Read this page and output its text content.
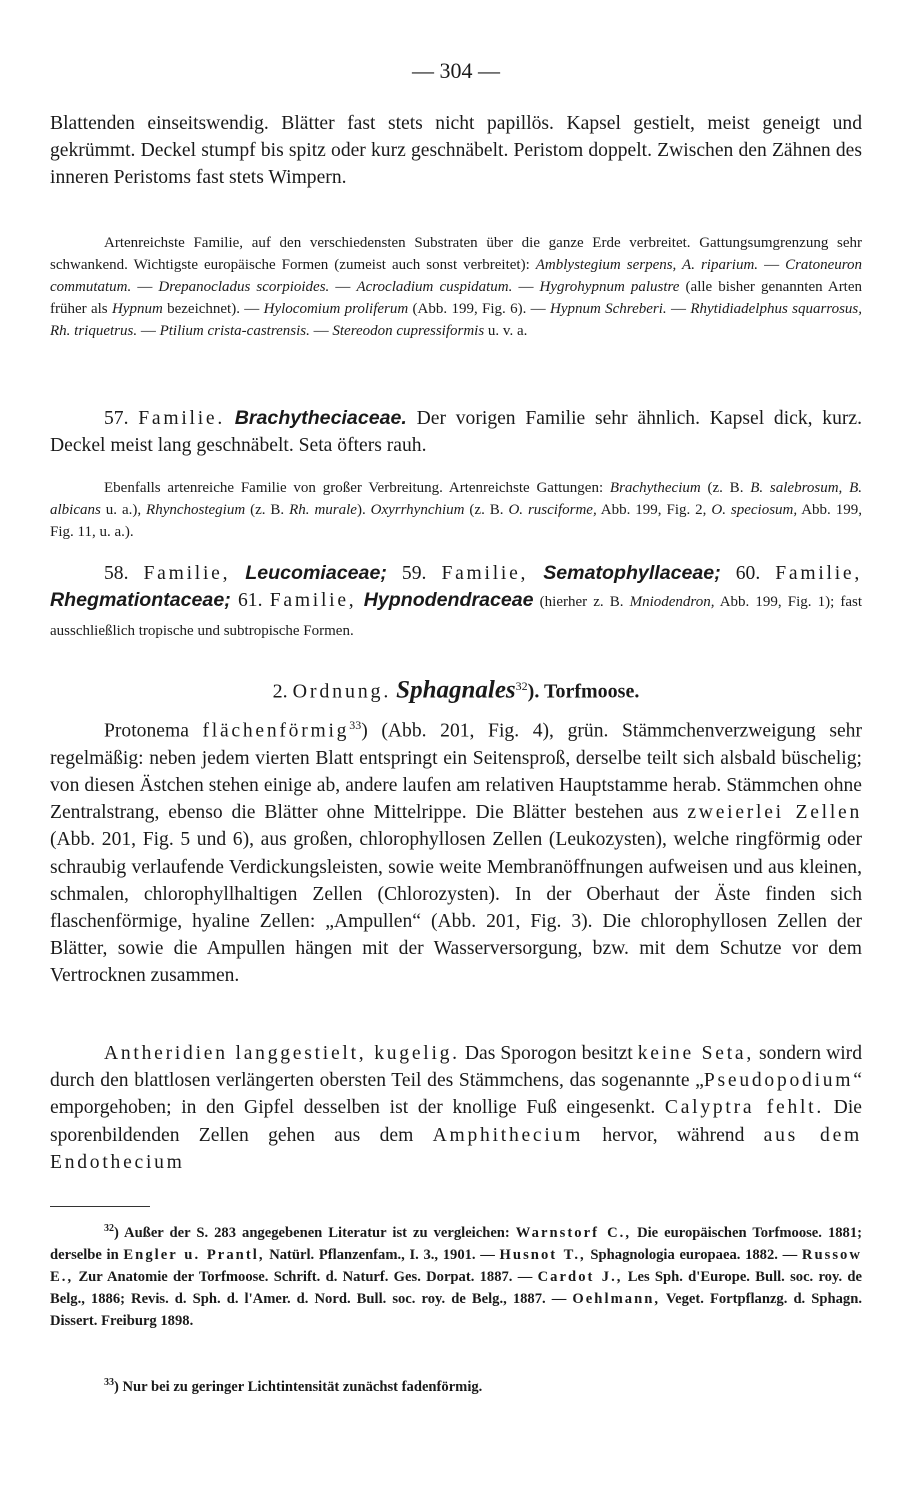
— 304 —

Blattenden einseitswendig. Blätter fast stets nicht papillös. Kapsel gestielt, meist geneigt und gekrümmt. Deckel stumpf bis spitz oder kurz geschnäbelt. Peristom doppelt. Zwischen den Zähnen des inneren Peristoms fast stets Wimpern.

Artenreichste Familie, auf den verschiedensten Substraten über die ganze Erde verbreitet. Gattungsumgrenzung sehr schwankend. Wichtigste europäische Formen (zumeist auch sonst verbreitet): Amblystegium serpens, A. riparium. — Cratoneuron commutatum. — Drepanocladus scorpioides. — Acrocladium cuspidatum. — Hygrohypnum palustre (alle bisher genannten Arten früher als Hypnum bezeichnet). — Hylocomium proliferum (Abb. 199, Fig. 6). — Hypnum Schreberi. — Rhytidiadelphus squarrosus, Rh. triquetrus. — Ptilium crista-castrensis. — Stereodon cupressiformis u. v. a.

57. Familie. Brachytheciaceae. Der vorigen Familie sehr ähnlich. Kapsel dick, kurz. Deckel meist lang geschnäbelt. Seta öfters rauh.

Ebenfalls artenreiche Familie von großer Verbreitung. Artenreichste Gattungen: Brachythecium (z. B. B. salebrosum, B. albicans u. a.), Rhynchostegium (z. B. Rh. murale). Oxyrrhynchium (z. B. O. rusciforme, Abb. 199, Fig. 2, O. speciosum, Abb. 199, Fig. 11, u. a.).

58. Familie, Leucomiaceae; 59. Familie, Sematophyllaceae; 60. Familie, Rhegmationtaceae; 61. Familie, Hypnodendraceae (hierher z. B. Mniodendron, Abb. 199, Fig. 1); fast ausschließlich tropische und subtropische Formen.

2. Ordnung. Sphagnales$^{32}$). Torfmoose.

Protonema flächenförmig$^{33}$) (Abb. 201, Fig. 4), grün. Stämmchenverzweigung sehr regelmäßig: neben jedem vierten Blatt entspringt ein Seitensproß, derselbe teilt sich alsbald büschelig; von diesen Ästchen stehen einige ab, andere laufen am relativen Hauptstamme herab. Stämmchen ohne Zentralstrang, ebenso die Blätter ohne Mittelrippe. Die Blätter bestehen aus zweierlei Zellen (Abb. 201, Fig. 5 und 6), aus großen, chlorophyllosen Zellen (Leukozysten), welche ringförmig oder schraubig verlaufende Verdickungsleisten, sowie weite Membranöffnungen aufweisen und aus kleinen, schmalen, chlorophyllhaltigen Zellen (Chlorozysten). In der Oberhaut der Äste finden sich flaschenförmige, hyaline Zellen: „Ampullen“ (Abb. 201, Fig. 3). Die chlorophyllosen Zellen der Blätter, sowie die Ampullen hängen mit der Wasserversorgung, bzw. mit dem Schutze vor dem Vertrocknen zusammen.

Antheridien langgestielt, kugelig. Das Sporogon besitzt keine Seta, sondern wird durch den blattlosen verlängerten obersten Teil des Stämmchens, das sogenannte „Pseudopodium“ emporgehoben; in den Gipfel desselben ist der knollige Fuß eingesenkt. Calyptra fehlt. Die sporenbildenden Zellen gehen aus dem Amphithecium hervor, während aus dem Endothecium

$^{32}$) Außer der S. 283 angegebenen Literatur ist zu vergleichen: Warnstorf C., Die europäischen Torfmoose. 1881; derselbe in Engler u. Prantl, Natürl. Pflanzenfam., I. 3., 1901. — Husnot T., Sphagnologia europaea. 1882. — Russow E., Zur Anatomie der Torfmoose. Schrift. d. Naturf. Ges. Dorpat. 1887. — Cardot J., Les Sph. d'Europe. Bull. soc. roy. de Belg., 1886; Revis. d. Sph. d. l'Amer. d. Nord. Bull. soc. roy. de Belg., 1887. — Oehlmann, Veget. Fortpflanzg. d. Sphagn. Dissert. Freiburg 1898.

$^{33}$) Nur bei zu geringer Lichtintensität zunächst fadenförmig.
